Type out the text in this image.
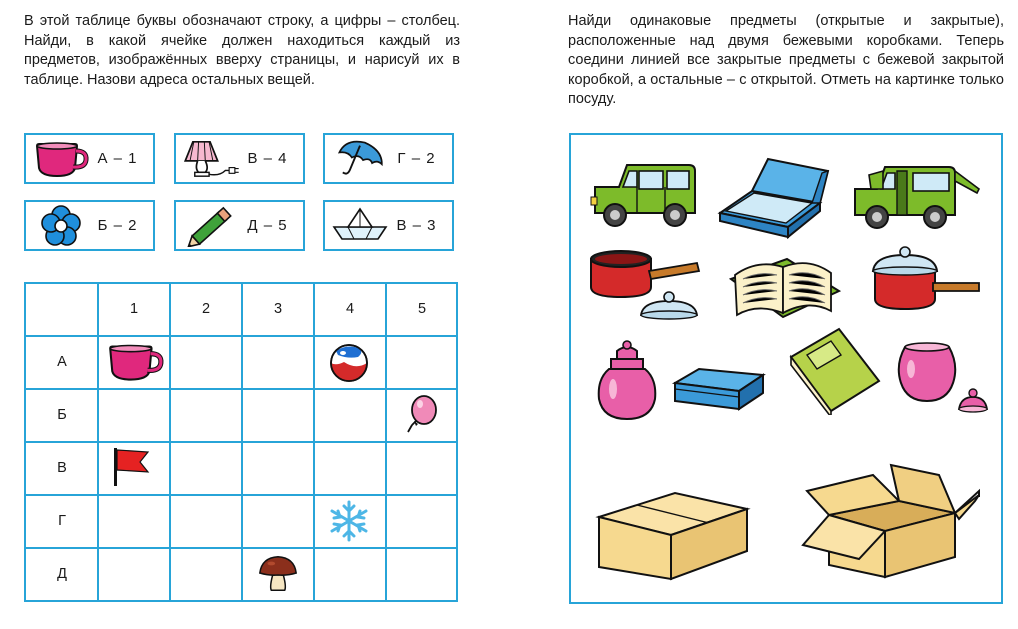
В этой таблице буквы обозначают строку, а цифры – столбец. Найди, в какой ячейке должен находиться каждый из предметов, изображённых вверху страницы, и нарисуй их в таблице. Назови адреса остальных вещей.
Найди одинаковые предметы (открытые и закрытые), расположенные над двумя бежевыми коробками. Теперь соедини линией все закрытые предметы с бежевой закрытой коробкой, а остальные – с открытой. Отметь на картинке только посуду.
А – 1	В – 4	Г – 2
Б – 2	Д – 5	В – 3
1	2	3	4	5
А
Б
В
Г
Д
